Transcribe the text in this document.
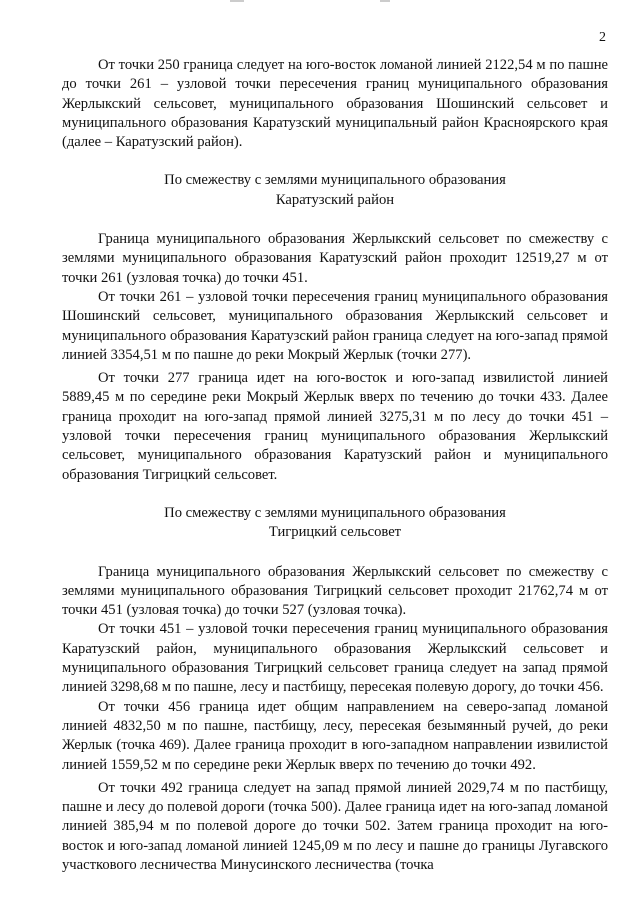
2

От точки 250 граница следует на юго-восток ломаной линией 2122,54 м по пашне до точки 261 – узловой точки пересечения границ муниципального образования Жерлыкский сельсовет, муниципального образования Шошинский сельсовет и муниципального образования Каратузский муниципальный район Красноярского края (далее – Каратузский район).

По смежеству с землями муниципального образования
Каратузский район

Граница муниципального образования Жерлыкский сельсовет по смежеству с землями муниципального образования Каратузский район проходит 12519,27 м от точки 261 (узловая точка) до точки 451.

От точки 261 – узловой точки пересечения границ муниципального образования Шошинский сельсовет, муниципального образования Жерлыкский сельсовет и муниципального образования Каратузский район граница следует на юго-запад прямой линией 3354,51 м по пашне до реки Мокрый Жерлык (точки 277).

От точки 277 граница идет на юго-восток и юго-запад извилистой линией 5889,45 м по середине реки Мокрый Жерлык вверх по течению до точки 433. Далее граница проходит на юго-запад прямой линией 3275,31 м по лесу до точки 451 – узловой точки пересечения границ муниципального образования Жерлыкский сельсовет, муниципального образования Каратузский район и муниципального образования Тигрицкий сельсовет.

По смежеству с землями муниципального образования
Тигрицкий сельсовет

Граница муниципального образования Жерлыкский сельсовет по смежеству с землями муниципального образования Тигрицкий сельсовет проходит 21762,74 м от точки 451 (узловая точка) до точки 527 (узловая точка).

От точки 451 – узловой точки пересечения границ муниципального образования Каратузский район, муниципального образования Жерлыкский сельсовет и муниципального образования Тигрицкий сельсовет граница следует на запад прямой линией 3298,68 м по пашне, лесу и пастбищу, пересекая полевую дорогу, до точки 456.

От точки 456 граница идет общим направлением на северо-запад ломаной линией 4832,50 м по пашне, пастбищу, лесу, пересекая безымянный ручей, до реки Жерлык (точка 469). Далее граница проходит в юго-западном направлении извилистой линией 1559,52 м по середине реки Жерлык вверх по течению до точки 492.

От точки 492 граница следует на запад прямой линией 2029,74 м по пастбищу, пашне и лесу до полевой дороги (точка 500). Далее граница идет на юго-запад ломаной линией 385,94 м по полевой дороге до точки 502. Затем граница проходит на юго-восток и юго-запад ломаной линией 1245,09 м по лесу и пашне до границы Лугавского участкового лесничества Минусинского лесничества (точка
